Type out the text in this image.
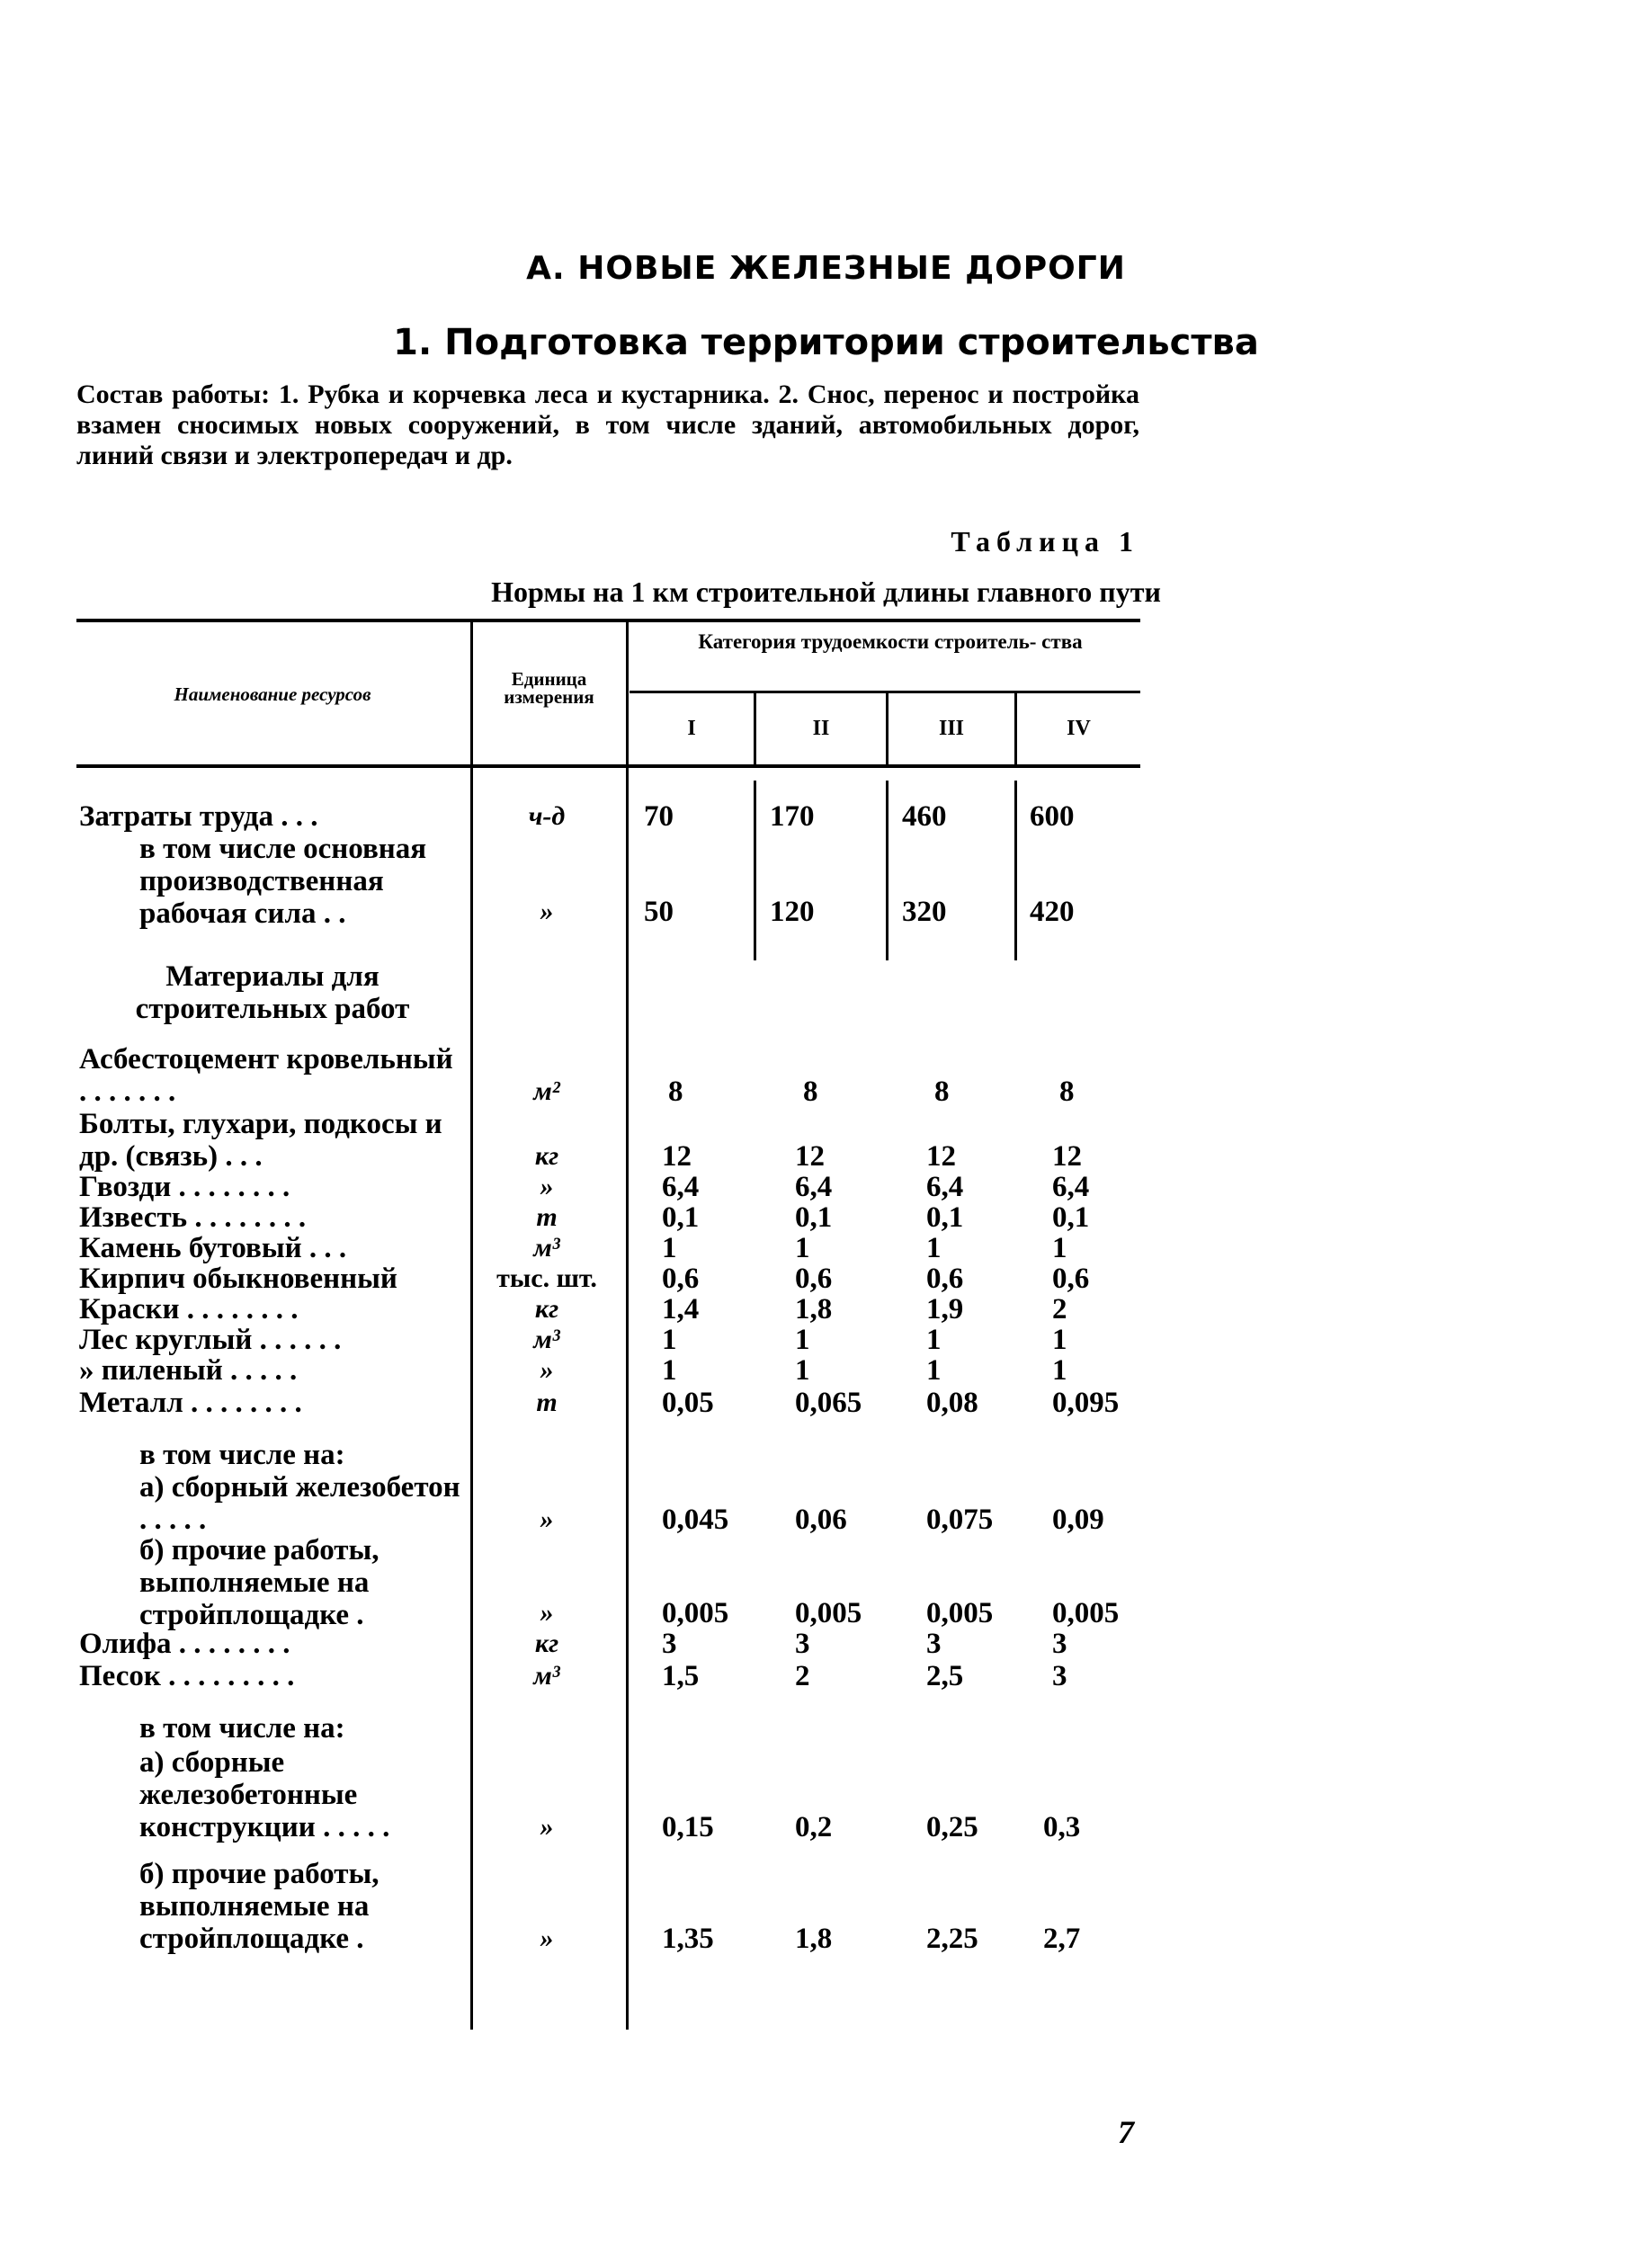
А. НОВЫЕ ЖЕЛЕЗНЫЕ ДОРОГИ
1. Подготовка территории строительства
Состав работы: 1. Рубка и корчевка леса и кустарника. 2. Снос, перенос и постройка взамен сносимых новых сооружений, в том числе зданий, автомобильных дорог, линий связи и электропередач и др.
Таблица 1
Нормы на 1 км строительной длины главного пути
Наименование ресурсов
Единица измерения
Категория трудоемкости строитель- ства
I	II	III	IV
Затраты труда . . .	ч-д	70	170	460	600
в том числе основная производственная рабочая сила . .	»	50	120	320	420
Материалы для строительных работ
Асбестоцемент кровельный . . . . . . .	м²	8	8	8	8
Болты, глухари, подкосы и др. (связь) . . .	кг	12	12	12	12
Гвозди . . . . . . . .	»	6,4	6,4	6,4	6,4
Известь . . . . . . . .	т	0,1	0,1	0,1	0,1
Камень бутовый . . .	м³	1	1	1	1
Кирпич обыкновенный	тыс. шт.	0,6	0,6	0,6	0,6
Краски . . . . . . . .	кг	1,4	1,8	1,9	2
Лес круглый . . . . . .	м³	1	1	1	1
» пиленый . . . . .	»	1	1	1	1
Металл . . . . . . . .	т	0,05	0,065 0,08 0,095
в том числе на:
а) сборный железобетон . . . . .	»	0,045 0,06	0,075 0,09
б) прочие работы, выполняемые на стройплощадке .	»	0,005 0,005 0,005 0,005
Олифа . . . . . . . .	кг	3	3	3	3
Песок . . . . . . . . .	м³	1,5	2	2,5	3
в том числе на:
а) сборные железобетонные конструкции . . . . .	»	0,15	0,2	0,25 0,3
б) прочие работы, выполняемые на стройплощадке .	»	1,35	1,8	2,25 2,7
7
